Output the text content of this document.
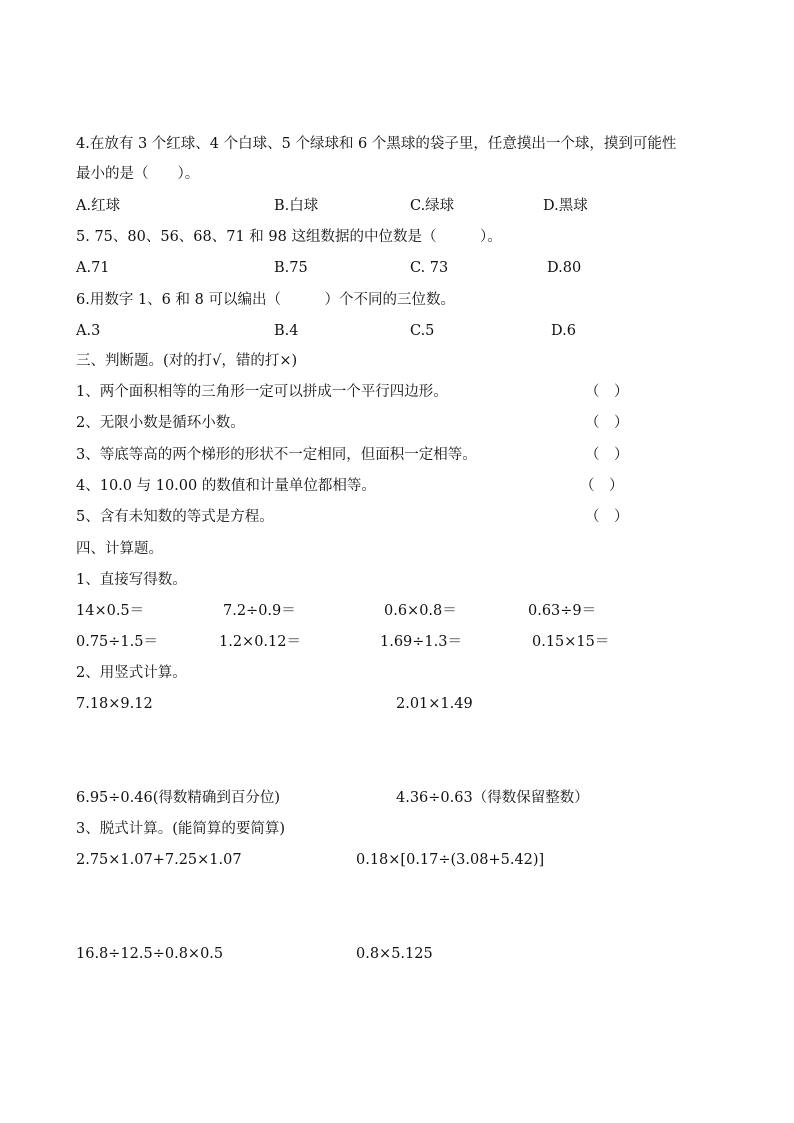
4.在放有 3 个红球、4 个白球、5 个绿球和 6 个黑球的袋子里，任意摸出一个球，摸到可能性
最小的是（　　）。
A.红球	B.白球	C.绿球	D.黑球
5. 75、80、56、68、71 和 98 这组数据的中位数是（　　　）。
A.71	B.75	C. 73	D.80
6.用数字 1、6 和 8 可以编出（　　　）个不同的三位数。
A.3	B.4	C.5	D.6
三、判断题。(对的打√，错的打×)
1、两个面积相等的三角形一定可以拼成一个平行四边形。	（　）
2、无限小数是循环小数。	（　）
3、等底等高的两个梯形的形状不一定相同，但面积一定相等。	（　）
4、10.0 与 10.00 的数值和计量单位都相等。	（　）
5、含有未知数的等式是方程。	（　）
四、计算题。
1、直接写得数。
14×0.5＝	7.2÷0.9＝	0.6×0.8＝	0.63÷9＝
0.75÷1.5＝	1.2×0.12＝	1.69÷1.3＝	0.15×15＝
2、用竖式计算。
7.18×9.12	2.01×1.49
6.95÷0.46(得数精确到百分位)	4.36÷0.63（得数保留整数）
3、脱式计算。(能简算的要简算)
2.75×1.07+7.25×1.07	0.18×[0.17÷(3.08+5.42)]
16.8÷12.5÷0.8×0.5	0.8×5.125
